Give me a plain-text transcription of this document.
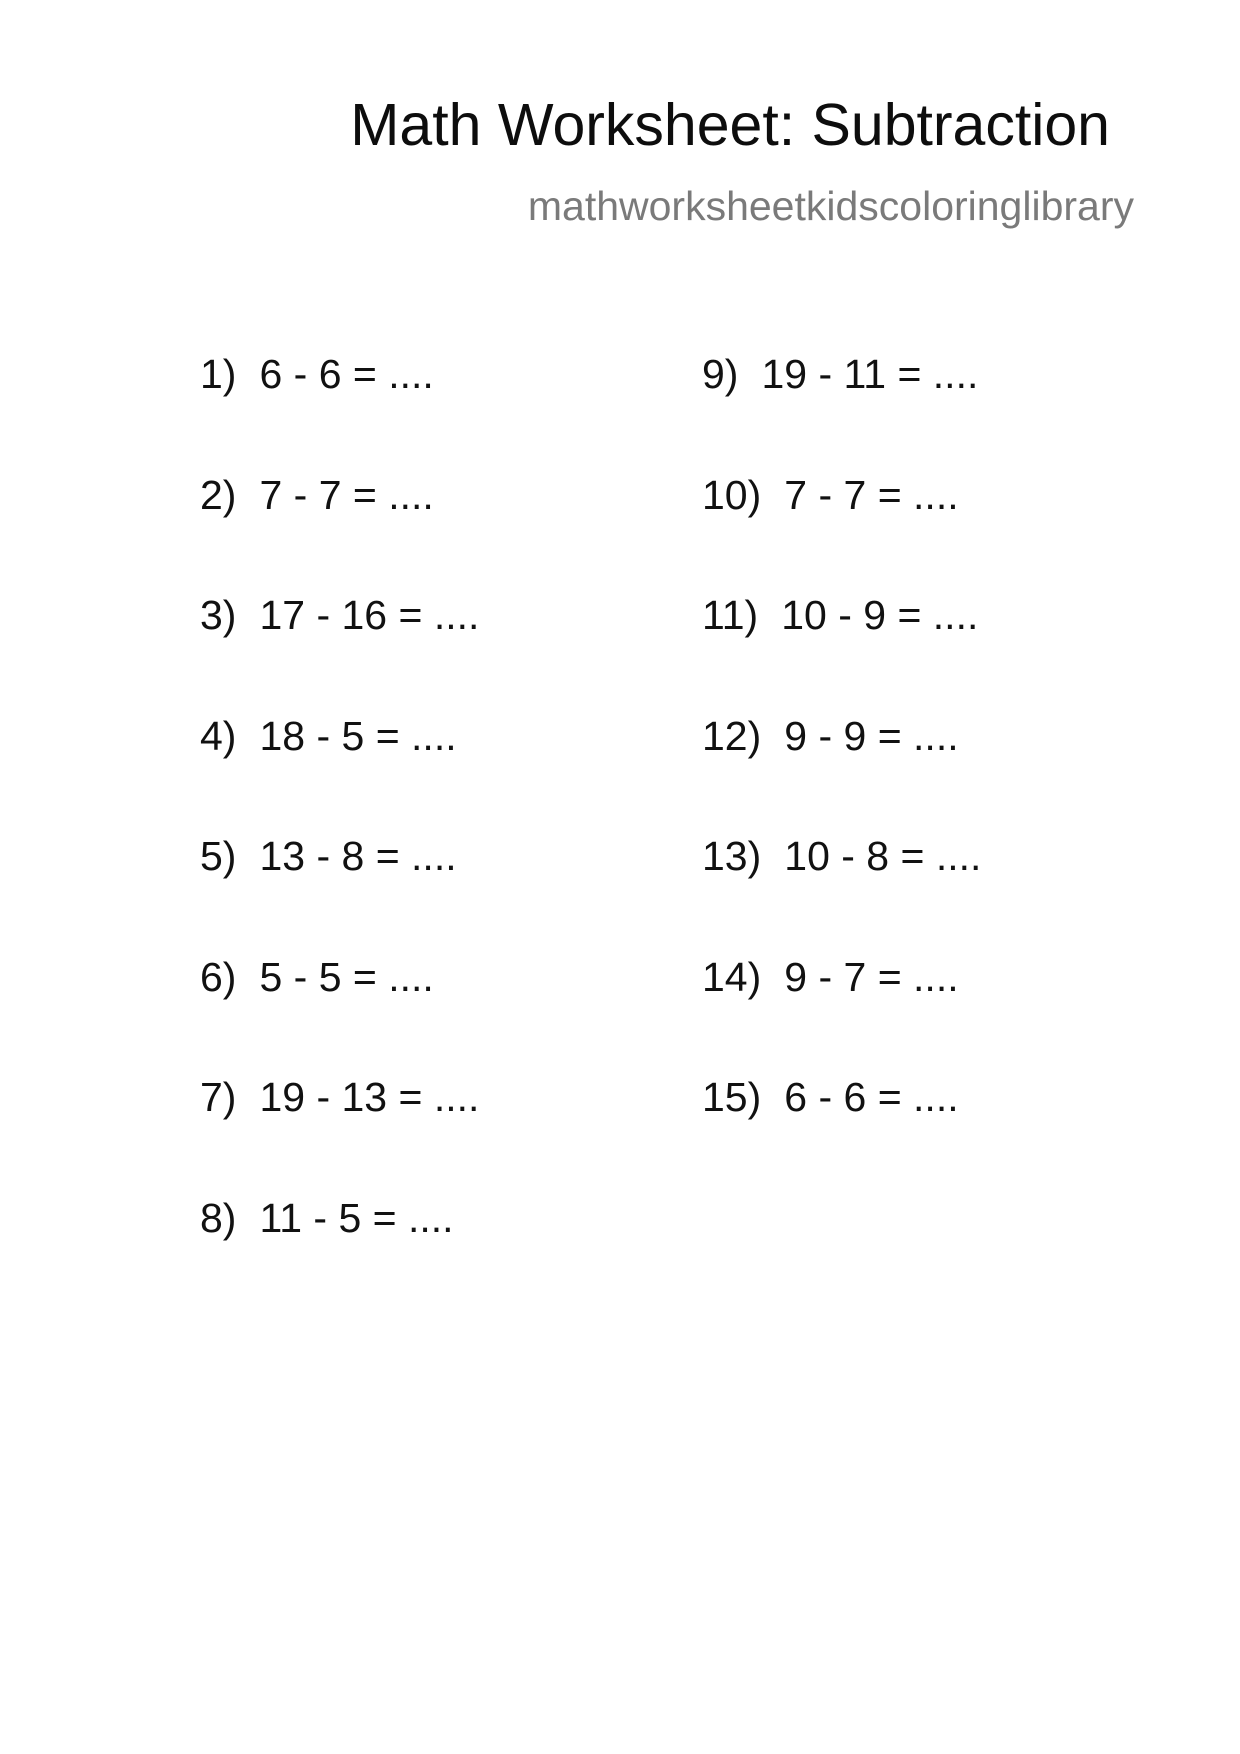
Math Worksheet: Subtraction
mathworksheetkidscoloringlibrary
1) 6 - 6 = ....
2) 7 - 7 = ....
3) 17 - 16 = ....
4) 18 - 5 = ....
5) 13 - 8 = ....
6) 5 - 5 = ....
7) 19 - 13 = ....
8) 11 - 5 = ....
9) 19 - 11 = ....
10) 7 - 7 = ....
11) 10 - 9 = ....
12) 9 - 9 = ....
13) 10 - 8 = ....
14) 9 - 7 = ....
15) 6 - 6 = ....
